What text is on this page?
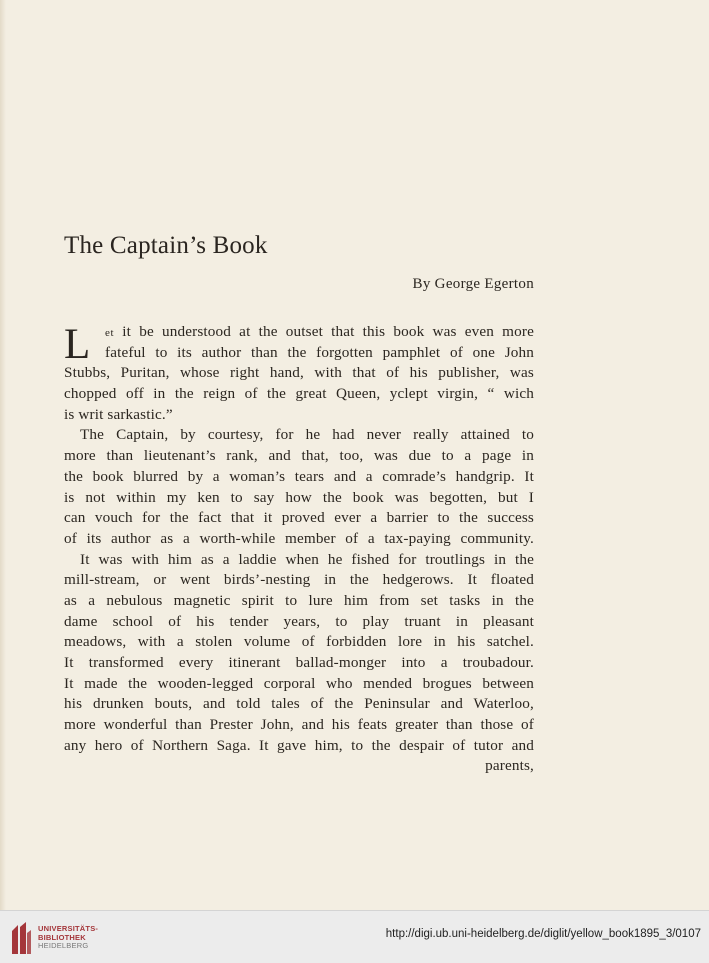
The Captain’s Book
By George Egerton
L	et it be understood at the outset that this book was even more
fateful to its author than the forgotten pamphlet of one John
Stubbs, Puritan, whose right hand, with that of his publisher, was
chopped off in the reign of the great Queen, yclept virgin, “ wich
is writ sarkastic.”
The Captain, by courtesy, for he had never really attained to
more than lieutenant’s rank, and that, too, was due to a page in
the book blurred by a woman’s tears and a comrade’s handgrip. It
is not within my ken to say how the book was begotten, but I
can vouch for the fact that it proved ever a barrier to the success
of its author as a worth-while member of a tax-paying community.
It was with him as a laddie when he fished for troutlings in the
mill-stream, or went birds’-nesting in the hedgerows. It floated
as a nebulous magnetic spirit to lure him from set tasks in the
dame school of his tender years, to play truant in pleasant
meadows, with a stolen volume of forbidden lore in his satchel.
It transformed every itinerant ballad-monger into a troubadour.
It made the wooden-legged corporal who mended brogues between
his drunken bouts, and told tales of the Peninsular and Waterloo,
more wonderful than Prester John, and his feats greater than those of
any hero of Northern Saga. It gave him, to the despair of tutor and
parents,
UNIVERSITÄTS-
BIBLIOTHEK
HEIDELBERG
http://digi.ub.uni-heidelberg.de/diglit/yellow_book1895_3/0107
